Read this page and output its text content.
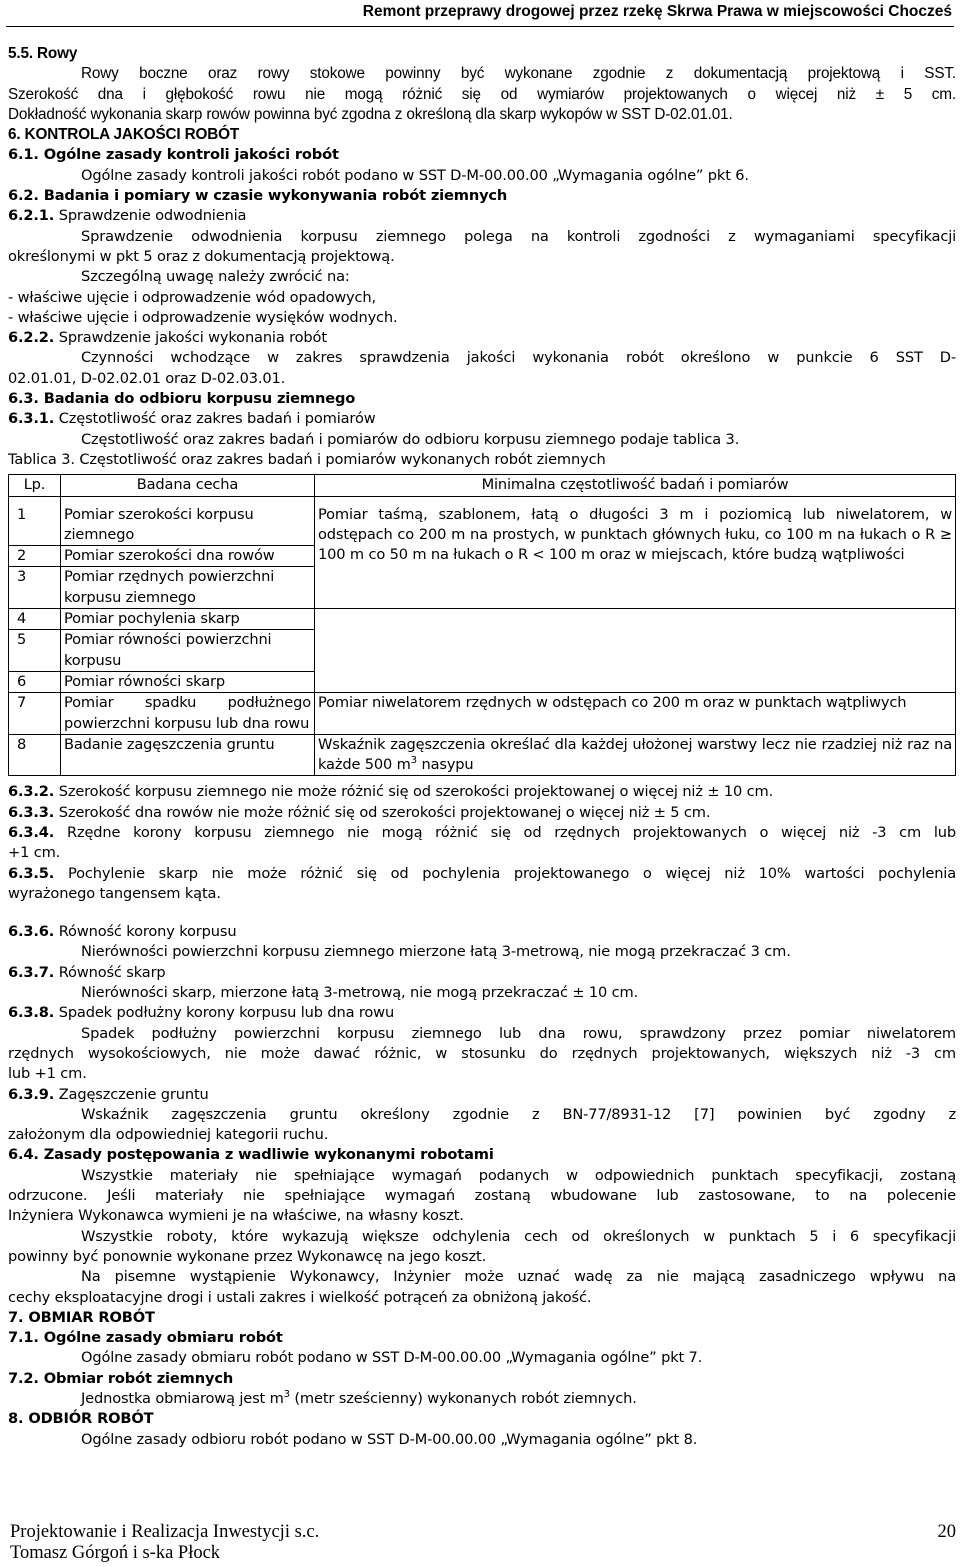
Remont przeprawy drogowej przez rzekę Skrwa Prawa w miejscowości Chocześ

5.5. Rowy

Rowy boczne oraz rowy stokowe powinny być wykonane zgodnie z dokumentacją projektową i SST.

Szerokość dna i głębokość rowu nie mogą różnić się od wymiarów projektowanych o więcej niż ± 5 cm.

Dokładność wykonania skarp rowów powinna być zgodna z określoną dla skarp wykopów w SST D-02.01.01.

6. KONTROLA JAKOŚCI ROBÓT

6.1. Ogólne zasady kontroli jakości robót

Ogólne zasady kontroli jakości robót podano w SST D-M-00.00.00 „Wymagania ogólne” pkt 6.

6.2. Badania i pomiary w czasie wykonywania robót ziemnych

6.2.1. Sprawdzenie odwodnienia

Sprawdzenie odwodnienia korpusu ziemnego polega na kontroli zgodności z wymaganiami specyfikacji

określonymi w pkt 5 oraz z dokumentacją projektową.

Szczególną uwagę należy zwrócić na:

- właściwe ujęcie i odprowadzenie wód opadowych,

- właściwe ujęcie i odprowadzenie wysięków wodnych.

6.2.2. Sprawdzenie jakości wykonania robót

Czynności wchodzące w zakres sprawdzenia jakości wykonania robót określono w punkcie 6 SST D-

02.01.01, D-02.02.01 oraz D-02.03.01.

6.3. Badania do odbioru korpusu ziemnego

6.3.1. Częstotliwość oraz zakres badań i pomiarów

Częstotliwość oraz zakres badań i pomiarów do odbioru korpusu ziemnego podaje tablica 3.

Tablica 3. Częstotliwość oraz zakres badań i pomiarów wykonanych robót ziemnych

Lp.	Badana cecha	Minimalna częstotliwość badań i pomiarów
1	Pomiar szerokości korpusu ziemnego	Pomiar taśmą, szablonem, łatą o długości 3 m i poziomicą lub niwelatorem, w odstępach co 200 m na prostych, w punktach głównych łuku, co 100 m na łukach o R ≥ 100 m co 50 m na łukach o R < 100 m oraz w miejscach, które budzą wątpliwości
2	Pomiar szerokości dna rowów	
3	Pomiar rzędnych powierzchni korpusu ziemnego	
4	Pomiar pochylenia skarp	
5	Pomiar równości powierzchni korpusu	
6	Pomiar równości skarp	
7	Pomiar spadku podłużnego powierzchni korpusu lub dna rowu	Pomiar niwelatorem rzędnych w odstępach co 200 m oraz w punktach wątpliwych
8	Badanie zagęszczenia gruntu	Wskaźnik zagęszczenia określać dla każdej ułożonej warstwy lecz nie rzadziej niż raz na każde 500 $m^3$ nasypu

6.3.2. Szerokość korpusu ziemnego nie może różnić się od szerokości projektowanej o więcej niż ± 10 cm.

6.3.3. Szerokość dna rowów nie może różnić się od szerokości projektowanej o więcej niż ± 5 cm.

6.3.4. Rzędne korony korpusu ziemnego nie mogą różnić się od rzędnych projektowanych o więcej niż -3 cm lub

+1 cm.

6.3.5. Pochylenie skarp nie może różnić się od pochylenia projektowanego o więcej niż 10% wartości pochylenia

wyrażonego tangensem kąta.

6.3.6. Równość korony korpusu

Nierówności powierzchni korpusu ziemnego mierzone łatą 3-metrową, nie mogą przekraczać 3 cm.

6.3.7. Równość skarp

Nierówności skarp, mierzone łatą 3-metrową, nie mogą przekraczać ± 10 cm.

6.3.8. Spadek podłużny korony korpusu lub dna rowu

Spadek podłużny powierzchni korpusu ziemnego lub dna rowu, sprawdzony przez pomiar niwelatorem

rzędnych wysokościowych, nie może dawać różnic, w stosunku do rzędnych projektowanych, większych niż -3 cm

lub +1 cm.

6.3.9. Zagęszczenie gruntu

Wskaźnik zagęszczenia gruntu określony zgodnie z BN-77/8931-12 [7] powinien być zgodny z

założonym dla odpowiedniej kategorii ruchu.

6.4. Zasady postępowania z wadliwie wykonanymi robotami

Wszystkie materiały nie spełniające wymagań podanych w odpowiednich punktach specyfikacji, zostaną

odrzucone. Jeśli materiały nie spełniające wymagań zostaną wbudowane lub zastosowane, to na polecenie

Inżyniera Wykonawca wymieni je na właściwe, na własny koszt.

Wszystkie roboty, które wykazują większe odchylenia cech od określonych w punktach 5 i 6 specyfikacji

powinny być ponownie wykonane przez Wykonawcę na jego koszt.

Na pisemne wystąpienie Wykonawcy, Inżynier może uznać wadę za nie mającą zasadniczego wpływu na

cechy eksploatacyjne drogi i ustali zakres i wielkość potrąceń za obniżoną jakość.

7. OBMIAR ROBÓT

7.1. Ogólne zasady obmiaru robót

Ogólne zasady obmiaru robót podano w SST D-M-00.00.00 „Wymagania ogólne” pkt 7.

7.2. Obmiar robót ziemnych

Jednostka obmiarową jest $m^3$ (metr sześcienny) wykonanych robót ziemnych.

8. ODBIÓR ROBÓT

Ogólne zasady odbioru robót podano w SST D-M-00.00.00 „Wymagania ogólne” pkt 8.

Projektowanie i Realizacja Inwestycji s.c.
Tomasz Górgoń i s-ka Płock
20
